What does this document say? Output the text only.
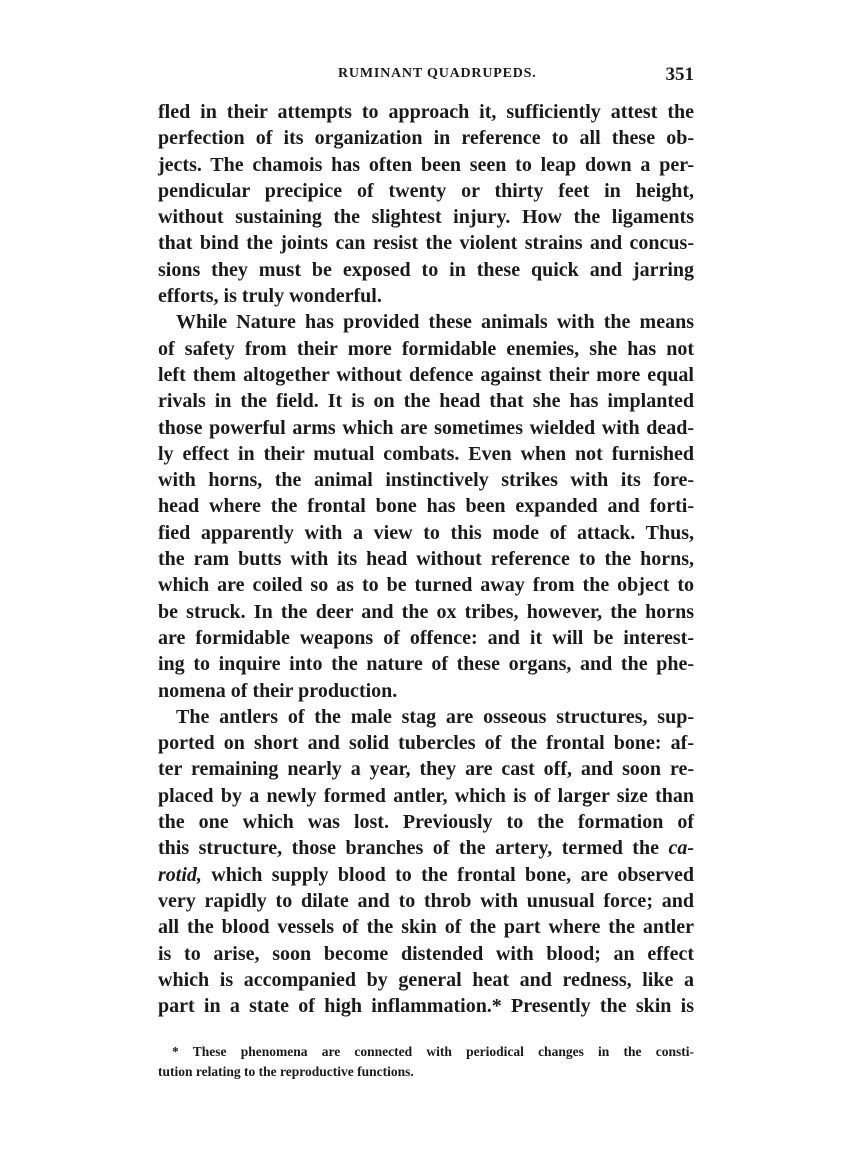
RUMINANT QUADRUPEDS.	351
fled in their attempts to approach it, sufficiently attest the
perfection of its organization in reference to all these ob-
jects. The chamois has often been seen to leap down a per-
pendicular precipice of twenty or thirty feet in height,
without sustaining the slightest injury. How the ligaments
that bind the joints can resist the violent strains and concus-
sions they must be exposed to in these quick and jarring
efforts, is truly wonderful.
While Nature has provided these animals with the means
of safety from their more formidable enemies, she has not
left them altogether without defence against their more equal
rivals in the field. It is on the head that she has implanted
those powerful arms which are sometimes wielded with dead-
ly effect in their mutual combats. Even when not furnished
with horns, the animal instinctively strikes with its fore-
head where the frontal bone has been expanded and forti-
fied apparently with a view to this mode of attack. Thus,
the ram butts with its head without reference to the horns,
which are coiled so as to be turned away from the object to
be struck. In the deer and the ox tribes, however, the horns
are formidable weapons of offence: and it will be interest-
ing to inquire into the nature of these organs, and the phe-
nomena of their production.
The antlers of the male stag are osseous structures, sup-
ported on short and solid tubercles of the frontal bone: af-
ter remaining nearly a year, they are cast off, and soon re-
placed by a newly formed antler, which is of larger size than
the one which was lost. Previously to the formation of
this structure, those branches of the artery, termed the ca-
rotid, which supply blood to the frontal bone, are observed
very rapidly to dilate and to throb with unusual force; and
all the blood vessels of the skin of the part where the antler
is to arise, soon become distended with blood; an effect
which is accompanied by general heat and redness, like a
part in a state of high inflammation.* Presently the skin is
* These phenomena are connected with periodical changes in the consti-
tution relating to the reproductive functions.
